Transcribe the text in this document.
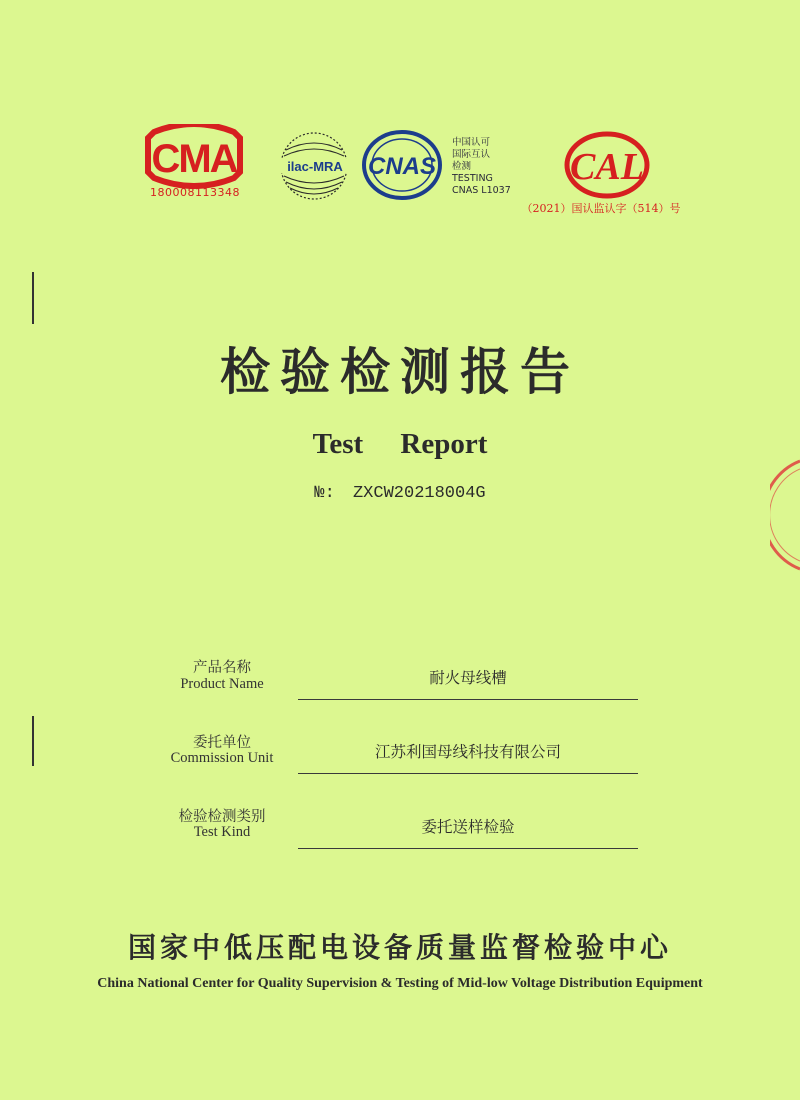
CMA
180008113348
ilac-MRA CNAS
中国认可
国际互认
检测
TESTING
CNAS L1037
CAL
（2021）国认监认字（514）号
检验检测报告
Test Report
№: ZXCW20218004G
产品名称
Product Name	耐火母线槽
委托单位
Commission Unit	江苏利国母线科技有限公司
检验检测类别
Test Kind	委托送样检验
国家中低压配电设备质量监督检验中心
China National Center for Quality Supervision & Testing of Mid-low Voltage Distribution Equipment
